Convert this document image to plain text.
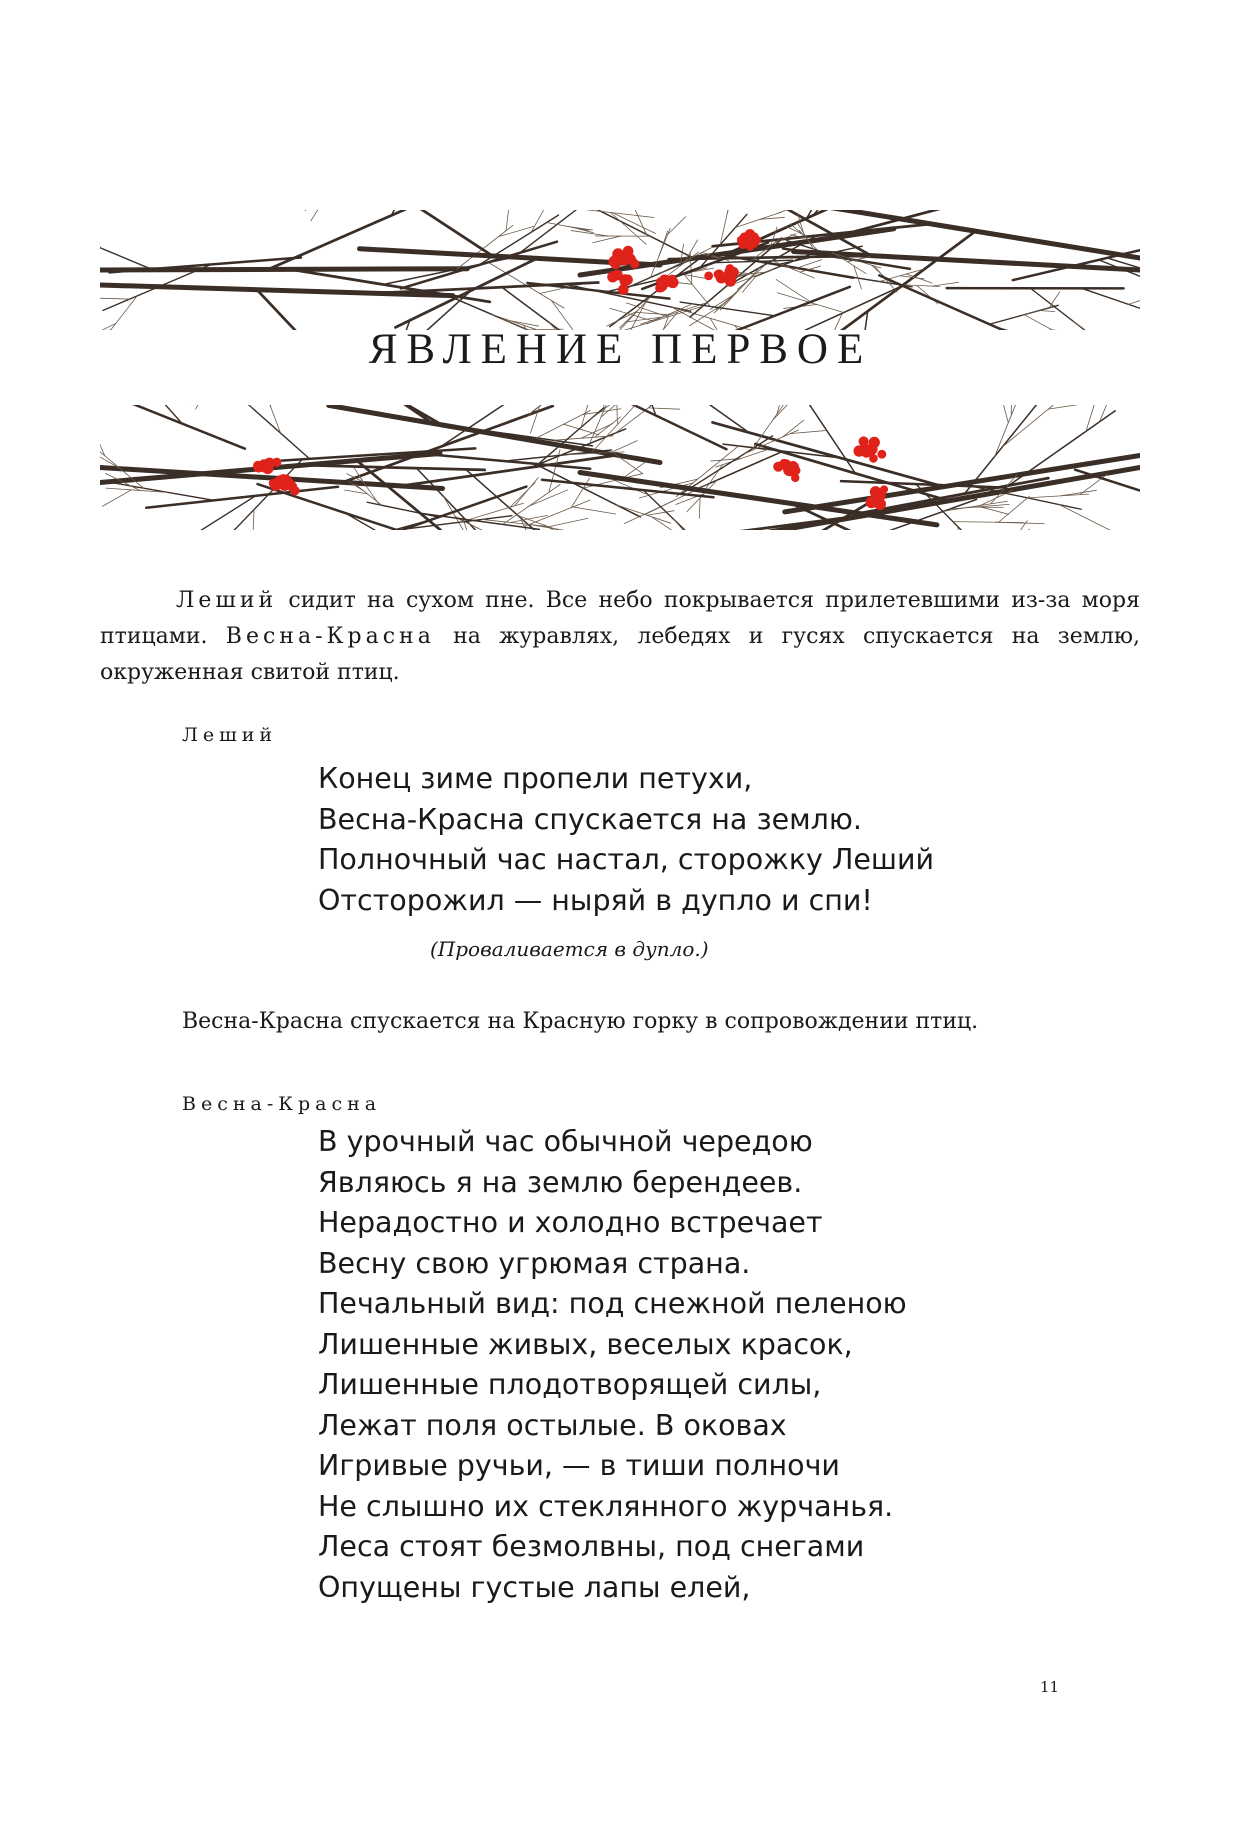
ЯВЛЕНИЕ ПЕРВОЕ

Леший сидит на сухом пне. Все небо покрывается прилетевшими из-за моря птицами. Весна-Красна на журавлях, лебедях и гусях спускается на землю, окруженная свитой птиц.

Леший

Конец зиме пропели петухи,
Весна-Красна спускается на землю.
Полночный час настал, сторожку Леший
Отсторожил — ныряй в дупло и спи!

(Проваливается в дупло.)

Весна-Красна спускается на Красную горку в сопровождении птиц.

Весна-Красна

В урочный час обычной чередою
Являюсь я на землю берендеев.
Нерадостно и холодно встречает
Весну свою угрюмая страна.
Печальный вид: под снежной пеленою
Лишенные живых, веселых красок,
Лишенные плодотворящей силы,
Лежат поля остылые. В оковах
Игривые ручьи, — в тиши полночи
Не слышно их стеклянного журчанья.
Леса стоят безмолвны, под снегами
Опущены густые лапы елей,
11
